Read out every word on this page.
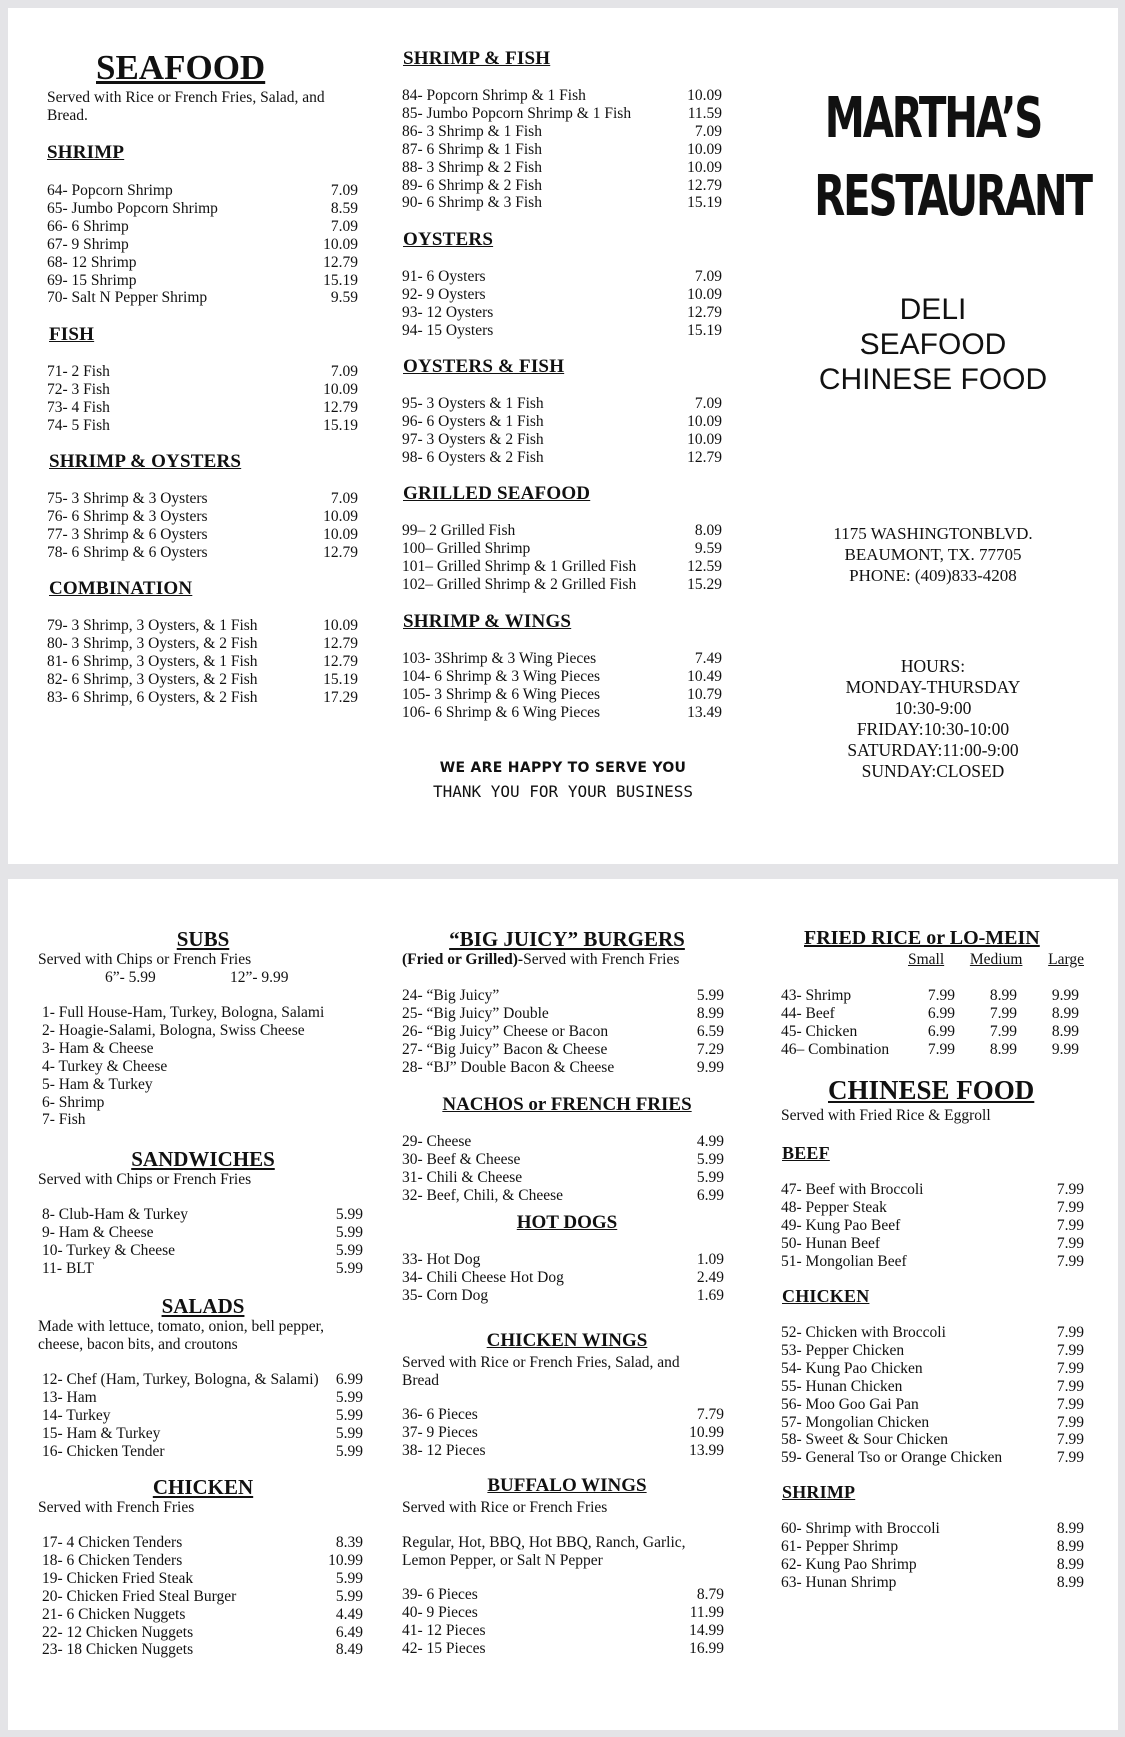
SEAFOOD
Served with Rice or French Fries, Salad, and Bread.
SHRIMP
64- Popcorn Shrimp	7.09
65- Jumbo Popcorn Shrimp	8.59
66- 6 Shrimp	7.09
67- 9 Shrimp	10.09
68- 12 Shrimp	12.79
69- 15 Shrimp	15.19
70- Salt N Pepper Shrimp	9.59
FISH
71- 2 Fish	7.09
72- 3 Fish	10.09
73- 4 Fish	12.79
74- 5 Fish	15.19
SHRIMP & OYSTERS
75- 3 Shrimp & 3 Oysters	7.09
76- 6 Shrimp & 3 Oysters	10.09
77- 3 Shrimp & 6 Oysters	10.09
78- 6 Shrimp & 6 Oysters	12.79
COMBINATION
79- 3 Shrimp, 3 Oysters, & 1 Fish	10.09
80- 3 Shrimp, 3 Oysters, & 2 Fish	12.79
81- 6 Shrimp, 3 Oysters, & 1 Fish	12.79
82- 6 Shrimp, 3 Oysters, & 2 Fish	15.19
83- 6 Shrimp, 6 Oysters, & 2 Fish	17.29
SHRIMP & FISH
84- Popcorn Shrimp & 1 Fish	10.09
85- Jumbo Popcorn Shrimp & 1 Fish	11.59
86- 3 Shrimp & 1 Fish	7.09
87- 6 Shrimp & 1 Fish	10.09
88- 3 Shrimp & 2 Fish	10.09
89- 6 Shrimp & 2 Fish	12.79
90- 6 Shrimp & 3 Fish	15.19
OYSTERS
91- 6 Oysters	7.09
92- 9 Oysters	10.09
93- 12 Oysters	12.79
94- 15 Oysters	15.19
OYSTERS & FISH
95- 3 Oysters & 1 Fish	7.09
96- 6 Oysters & 1 Fish	10.09
97- 3 Oysters & 2 Fish	10.09
98- 6 Oysters & 2 Fish	12.79
GRILLED SEAFOOD
99– 2 Grilled Fish	8.09
100– Grilled Shrimp	9.59
101– Grilled Shrimp & 1 Grilled Fish	12.59
102– Grilled Shrimp & 2 Grilled Fish	15.29
SHRIMP & WINGS
103- 3Shrimp & 3 Wing Pieces	7.49
104- 6 Shrimp & 3 Wing Pieces	10.49
105- 3 Shrimp & 6 Wing Pieces	10.79
106- 6 Shrimp & 6 Wing Pieces	13.49
WE ARE HAPPY TO SERVE YOU
THANK YOU FOR YOUR BUSINESS
MARTHA’S
RESTAURANT
DELI
SEAFOOD
CHINESE FOOD
1175 WASHINGTONBLVD.
BEAUMONT, TX. 77705
PHONE: (409)833-4208
HOURS:
MONDAY-THURSDAY
10:30-9:00
FRIDAY:10:30-10:00
SATURDAY:11:00-9:00
SUNDAY:CLOSED
SUBS
Served with Chips or French Fries
6”- 5.99	12”- 9.99
1- Full House-Ham, Turkey, Bologna, Salami
2- Hoagie-Salami, Bologna, Swiss Cheese
3- Ham & Cheese
4- Turkey & Cheese
5- Ham & Turkey
6- Shrimp
7- Fish
SANDWICHES
Served with Chips or French Fries
8- Club-Ham & Turkey	5.99
9- Ham & Cheese	5.99
10- Turkey & Cheese	5.99
11- BLT	5.99
SALADS
Made with lettuce, tomato, onion, bell pepper, cheese, bacon bits, and croutons
12- Chef (Ham, Turkey, Bologna, & Salami) 6.99
13- Ham	5.99
14- Turkey	5.99
15- Ham & Turkey	5.99
16- Chicken Tender	5.99
CHICKEN
Served with French Fries
17- 4 Chicken Tenders	8.39
18- 6 Chicken Tenders	10.99
19- Chicken Fried Steak	5.99
20- Chicken Fried Steal Burger	5.99
21- 6 Chicken Nuggets	4.49
22- 12 Chicken Nuggets	6.49
23- 18 Chicken Nuggets	8.49
“BIG JUICY” BURGERS
(Fried or Grilled)-Served with French Fries
24- “Big Juicy”	5.99
25- “Big Juicy” Double	8.99
26- “Big Juicy” Cheese or Bacon	6.59
27- “Big Juicy” Bacon & Cheese	7.29
28- “BJ” Double Bacon & Cheese	9.99
NACHOS or FRENCH FRIES
29- Cheese	4.99
30- Beef & Cheese	5.99
31- Chili & Cheese	5.99
32- Beef, Chili, & Cheese	6.99
HOT DOGS
33- Hot Dog	1.09
34- Chili Cheese Hot Dog	2.49
35- Corn Dog	1.69
CHICKEN WINGS
Served with Rice or French Fries, Salad, and Bread
36- 6 Pieces	7.79
37- 9 Pieces	10.99
38- 12 Pieces	13.99
BUFFALO WINGS
Served with Rice or French Fries
Regular, Hot, BBQ, Hot BBQ, Ranch, Garlic, Lemon Pepper, or Salt N Pepper
39- 6 Pieces	8.79
40- 9 Pieces	11.99
41- 12 Pieces	14.99
42- 15 Pieces	16.99
FRIED RICE or LO-MEIN
Small Medium Large
43- Shrimp	7.99	8.99	9.99
44- Beef	6.99	7.99	8.99
45- Chicken	6.99	7.99	8.99
46– Combination	7.99	8.99	9.99
CHINESE FOOD
Served with Fried Rice & Eggroll
BEEF
47- Beef with Broccoli	7.99
48- Pepper Steak	7.99
49- Kung Pao Beef	7.99
50- Hunan Beef	7.99
51- Mongolian Beef	7.99
CHICKEN
52- Chicken with Broccoli	7.99
53- Pepper Chicken	7.99
54- Kung Pao Chicken	7.99
55- Hunan Chicken	7.99
56- Moo Goo Gai Pan	7.99
57- Mongolian Chicken	7.99
58- Sweet & Sour Chicken	7.99
59- General Tso or Orange Chicken	7.99
SHRIMP
60- Shrimp with Broccoli	8.99
61- Pepper Shrimp	8.99
62- Kung Pao Shrimp	8.99
63- Hunan Shrimp	8.99
